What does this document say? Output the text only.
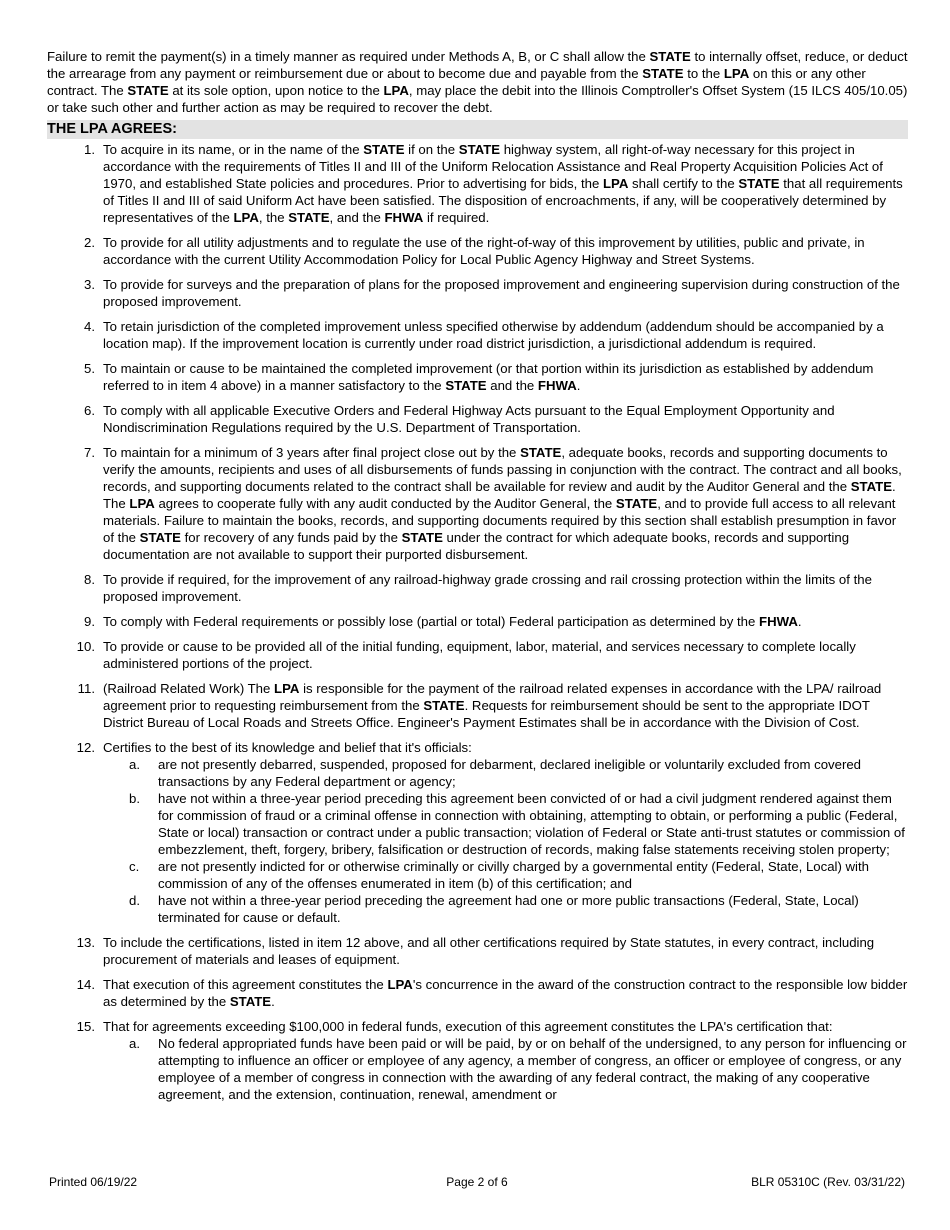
Failure to remit the payment(s) in a timely manner as required under Methods A, B, or C shall allow the STATE to internally offset, reduce, or deduct the arrearage from any payment or reimbursement due or about to become due and payable from the STATE to the LPA on this or any other contract. The STATE at its sole option, upon notice to the LPA, may place the debit into the Illinois Comptroller's Offset System (15 ILCS 405/10.05) or take such other and further action as may be required to recover the debt.

THE LPA AGREES:
1. To acquire in its name, or in the name of the STATE if on the STATE highway system, all right-of-way necessary for this project in accordance with the requirements of Titles II and III of the Uniform Relocation Assistance and Real Property Acquisition Policies Act of 1970, and established State policies and procedures. Prior to advertising for bids, the LPA shall certify to the STATE that all requirements of Titles II and III of said Uniform Act have been satisfied. The disposition of encroachments, if any, will be cooperatively determined by representatives of the LPA, the STATE, and the FHWA if required.
2. To provide for all utility adjustments and to regulate the use of the right-of-way of this improvement by utilities, public and private, in accordance with the current Utility Accommodation Policy for Local Public Agency Highway and Street Systems.
3. To provide for surveys and the preparation of plans for the proposed improvement and engineering supervision during construction of the proposed improvement.
4. To retain jurisdiction of the completed improvement unless specified otherwise by addendum (addendum should be accompanied by a location map). If the improvement location is currently under road district jurisdiction, a jurisdictional addendum is required.
5. To maintain or cause to be maintained the completed improvement (or that portion within its jurisdiction as established by addendum referred to in item 4 above) in a manner satisfactory to the STATE and the FHWA.
6. To comply with all applicable Executive Orders and Federal Highway Acts pursuant to the Equal Employment Opportunity and Nondiscrimination Regulations required by the U.S. Department of Transportation.
7. To maintain for a minimum of 3 years after final project close out by the STATE, adequate books, records and supporting documents to verify the amounts, recipients and uses of all disbursements of funds passing in conjunction with the contract. The contract and all books, records, and supporting documents related to the contract shall be available for review and audit by the Auditor General and the STATE. The LPA agrees to cooperate fully with any audit conducted by the Auditor General, the STATE, and to provide full access to all relevant materials. Failure to maintain the books, records, and supporting documents required by this section shall establish presumption in favor of the STATE for recovery of any funds paid by the STATE under the contract for which adequate books, records and supporting documentation are not available to support their purported disbursement.
8. To provide if required, for the improvement of any railroad-highway grade crossing and rail crossing protection within the limits of the proposed improvement.
9. To comply with Federal requirements or possibly lose (partial or total) Federal participation as determined by the FHWA.
10. To provide or cause to be provided all of the initial funding, equipment, labor, material, and services necessary to complete locally administered portions of the project.
11. (Railroad Related Work) The LPA is responsible for the payment of the railroad related expenses in accordance with the LPA/ railroad agreement prior to requesting reimbursement from the STATE. Requests for reimbursement should be sent to the appropriate IDOT District Bureau of Local Roads and Streets Office. Engineer's Payment Estimates shall be in accordance with the Division of Cost.
12. Certifies to the best of its knowledge and belief that it's officials:
a. are not presently debarred, suspended, proposed for debarment, declared ineligible or voluntarily excluded from covered transactions by any Federal department or agency;
b. have not within a three-year period preceding this agreement been convicted of or had a civil judgment rendered against them for commission of fraud or a criminal offense in connection with obtaining, attempting to obtain, or performing a public (Federal, State or local) transaction or contract under a public transaction; violation of Federal or State anti-trust statutes or commission of embezzlement, theft, forgery, bribery, falsification or destruction of records, making false statements receiving stolen property;
c. are not presently indicted for or otherwise criminally or civilly charged by a governmental entity (Federal, State, Local) with commission of any of the offenses enumerated in item (b) of this certification; and
d. have not within a three-year period preceding the agreement had one or more public transactions (Federal, State, Local) terminated for cause or default.
13. To include the certifications, listed in item 12 above, and all other certifications required by State statutes, in every contract, including procurement of materials and leases of equipment.
14. That execution of this agreement constitutes the LPA's concurrence in the award of the construction contract to the responsible low bidder as determined by the STATE.
15. That for agreements exceeding $100,000 in federal funds, execution of this agreement constitutes the LPA's certification that:
a. No federal appropriated funds have been paid or will be paid, by or on behalf of the undersigned, to any person for influencing or attempting to influence an officer or employee of any agency, a member of congress, an officer or employee of congress, or any employee of a member of congress in connection with the awarding of any federal contract, the making of any cooperative agreement, and the extension, continuation, renewal, amendment or
Printed 06/19/22	Page 2 of 6	BLR 05310C (Rev. 03/31/22)
